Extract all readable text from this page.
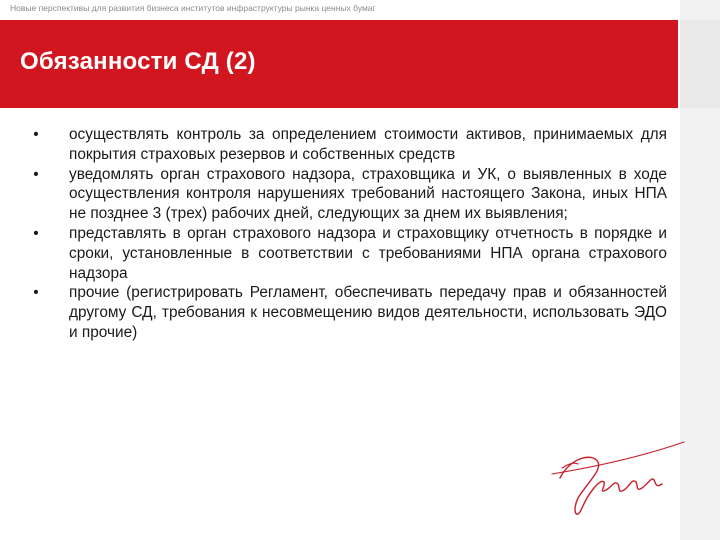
Новые перспективы для развития бизнеса институтов инфраструктуры рынка ценных бумаг
Обязанности СД (2)
• осуществлять контроль за определением стоимости активов, принимаемых для покрытия страховых резервов и собственных средств
• уведомлять орган страхового надзора, страховщика и УК, о выявленных в ходе осуществления контроля нарушениях требований настоящего Закона, иных НПА не позднее 3 (трех) рабочих дней, следующих за днем их выявления;
• представлять в орган страхового надзора и страховщику отчетность в порядке и сроки, установленные в соответствии с требованиями НПА органа страхового надзора
• прочие (регистрировать Регламент, обеспечивать передачу прав и обязанностей другому СД, требования к несовмещению видов деятельности, использовать ЭДО и прочие)
